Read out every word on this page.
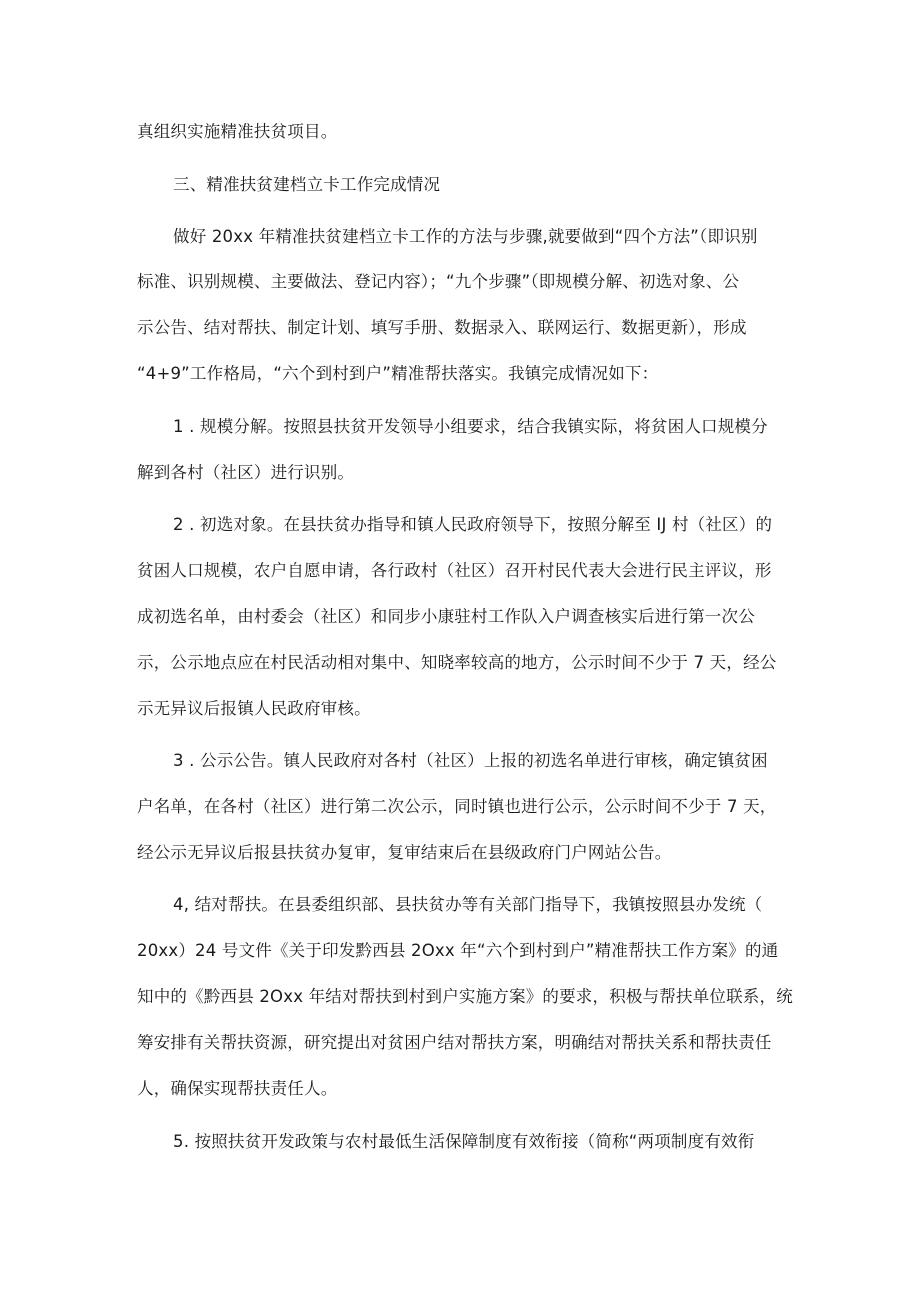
真组织实施精准扶贫项目。
三、精准扶贫建档立卡工作完成情况
做好 20xx 年精准扶贫建档立卡工作的方法与步骤,就要做到“四个方法”（即识别
标准、识别规模、主要做法、登记内容）；“九个步骤”（即规模分解、初选对象、公
示公告、结对帮扶、制定计划、填写手册、数据录入、联网运行、数据更新），形成
“4+9”工作格局，“六个到村到户”精准帮扶落实。我镇完成情况如下：
1 . 规模分解。按照县扶贫开发领导小组要求，结合我镇实际，将贫困人口规模分
解到各村（社区）进行识别。
2 . 初选对象。在县扶贫办指导和镇人民政府领导下，按照分解至 IJ 村（社区）的
贫困人口规模，农户自愿申请，各行政村（社区）召开村民代表大会进行民主评议，形
成初选名单，由村委会（社区）和同步小康驻村工作队入户调查核实后进行第一次公
示，公示地点应在村民活动相对集中、知晓率较高的地方，公示时间不少于 7 天，经公
示无异议后报镇人民政府审核。
3 . 公示公告。镇人民政府对各村（社区）上报的初选名单进行审核，确定镇贫困
户名单，在各村（社区）进行第二次公示，同时镇也进行公示，公示时间不少于 7 天，
经公示无异议后报县扶贫办复审，复审结束后在县级政府门户网站公告。
4, 结对帮扶。在县委组织部、县扶贫办等有关部门指导下，我镇按照县办发统（
20xx）24 号文件《关于印发黔西县 2Oxx 年“六个到村到户”精准帮扶工作方案》的通
知中的《黔西县 2Oxx 年结对帮扶到村到户实施方案》的要求，积极与帮扶单位联系，统
筹安排有关帮扶资源，研究提出对贫困户结对帮扶方案，明确结对帮扶关系和帮扶责任
人，确保实现帮扶责任人。
5. 按照扶贫开发政策与农村最低生活保障制度有效衔接（简称“两项制度有效衔
